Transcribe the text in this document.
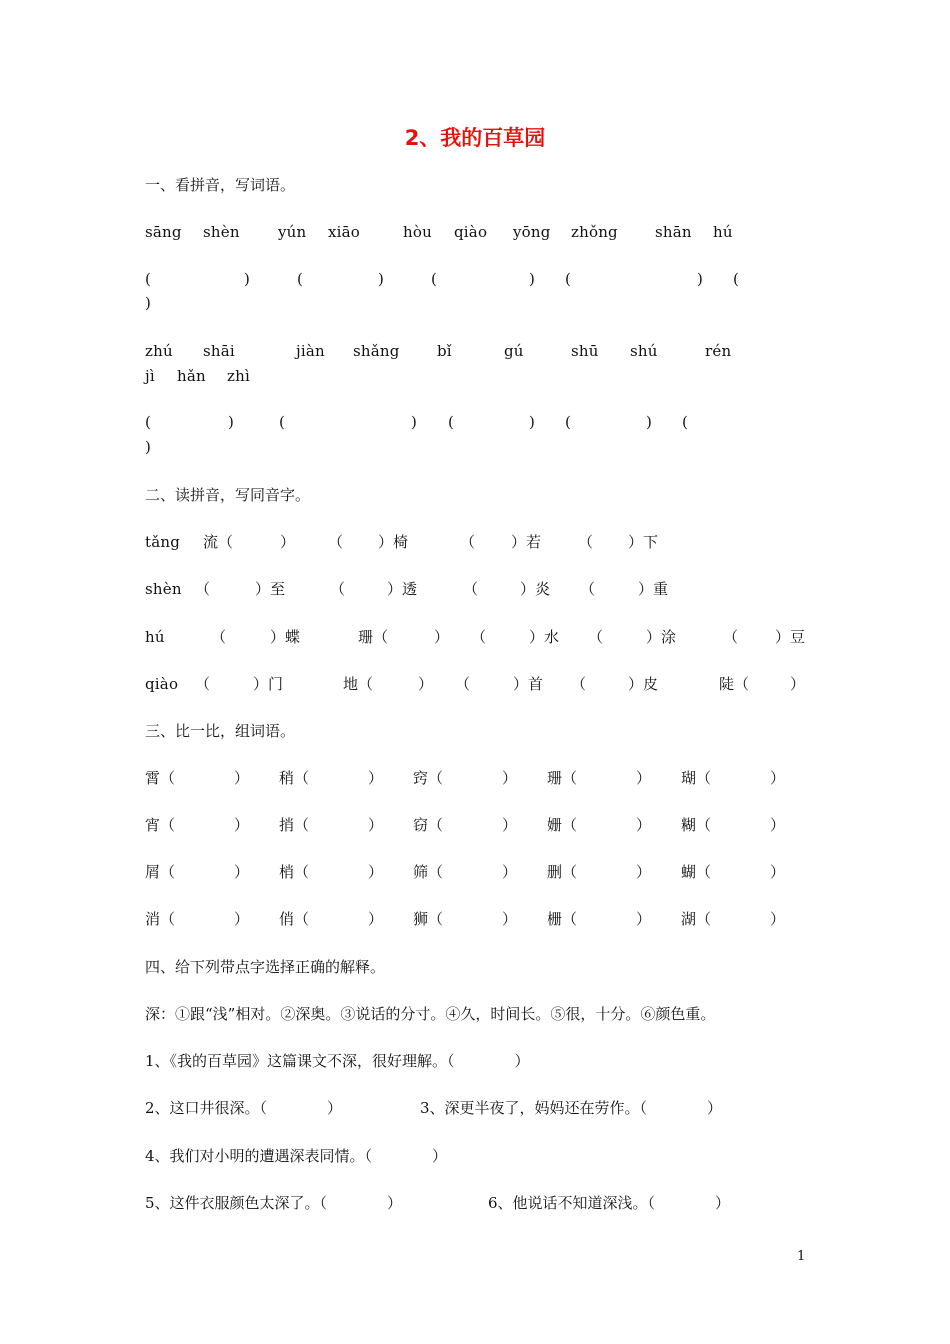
2、我的百草园
一、看拼音，写词语。
sāng shèn	yún xiāo	hòu qiào yōng zhǒng shān hú
(	)	(	)	(	) (	) (
)
zhú shāi	jiàn shǎng bǐ	gú	shū shú	rén
jì hǎn zhì
(	)	(	) (	) (	) (
)
二、读拼音，写同音字。
tǎng 流（	） （ ）椅	（ ）若 （ ）下
shèn （	）至	（	）透	（	）炎 （	）重
hú	（	）蝶	珊（	） （	）水 （	）涂	（ ）豆
qiào （	）门	地（	） （	）首 （	）皮	陡（	）
三、比一比，组词语。
霄（	） 稍（	） 窍（	） 珊（	） 瑚（	）
宵（	） 捎（	） 窃（	） 姗（	） 糊（	）
屑（	） 梢（	） 筛（	） 删（	） 蝴（	）
消（	） 俏（	） 狮（	） 栅（	） 湖（	）
四、给下列带点字选择正确的解释。
深：①跟“浅”相对。②深奥。③说话的分寸。④久，时间长。⑤很，十分。⑥颜色重。
1、《我的百草园》这篇课文不深，很好理解。（　　　　）
2、这口井很深。（　　　　）	3、深更半夜了，妈妈还在劳作。（　　　　）
4、我们对小明的遭遇深表同情。（　　　　）
5、这件衣服颜色太深了。（　　　　）	6、他说话不知道深浅。（　　　　）
1
